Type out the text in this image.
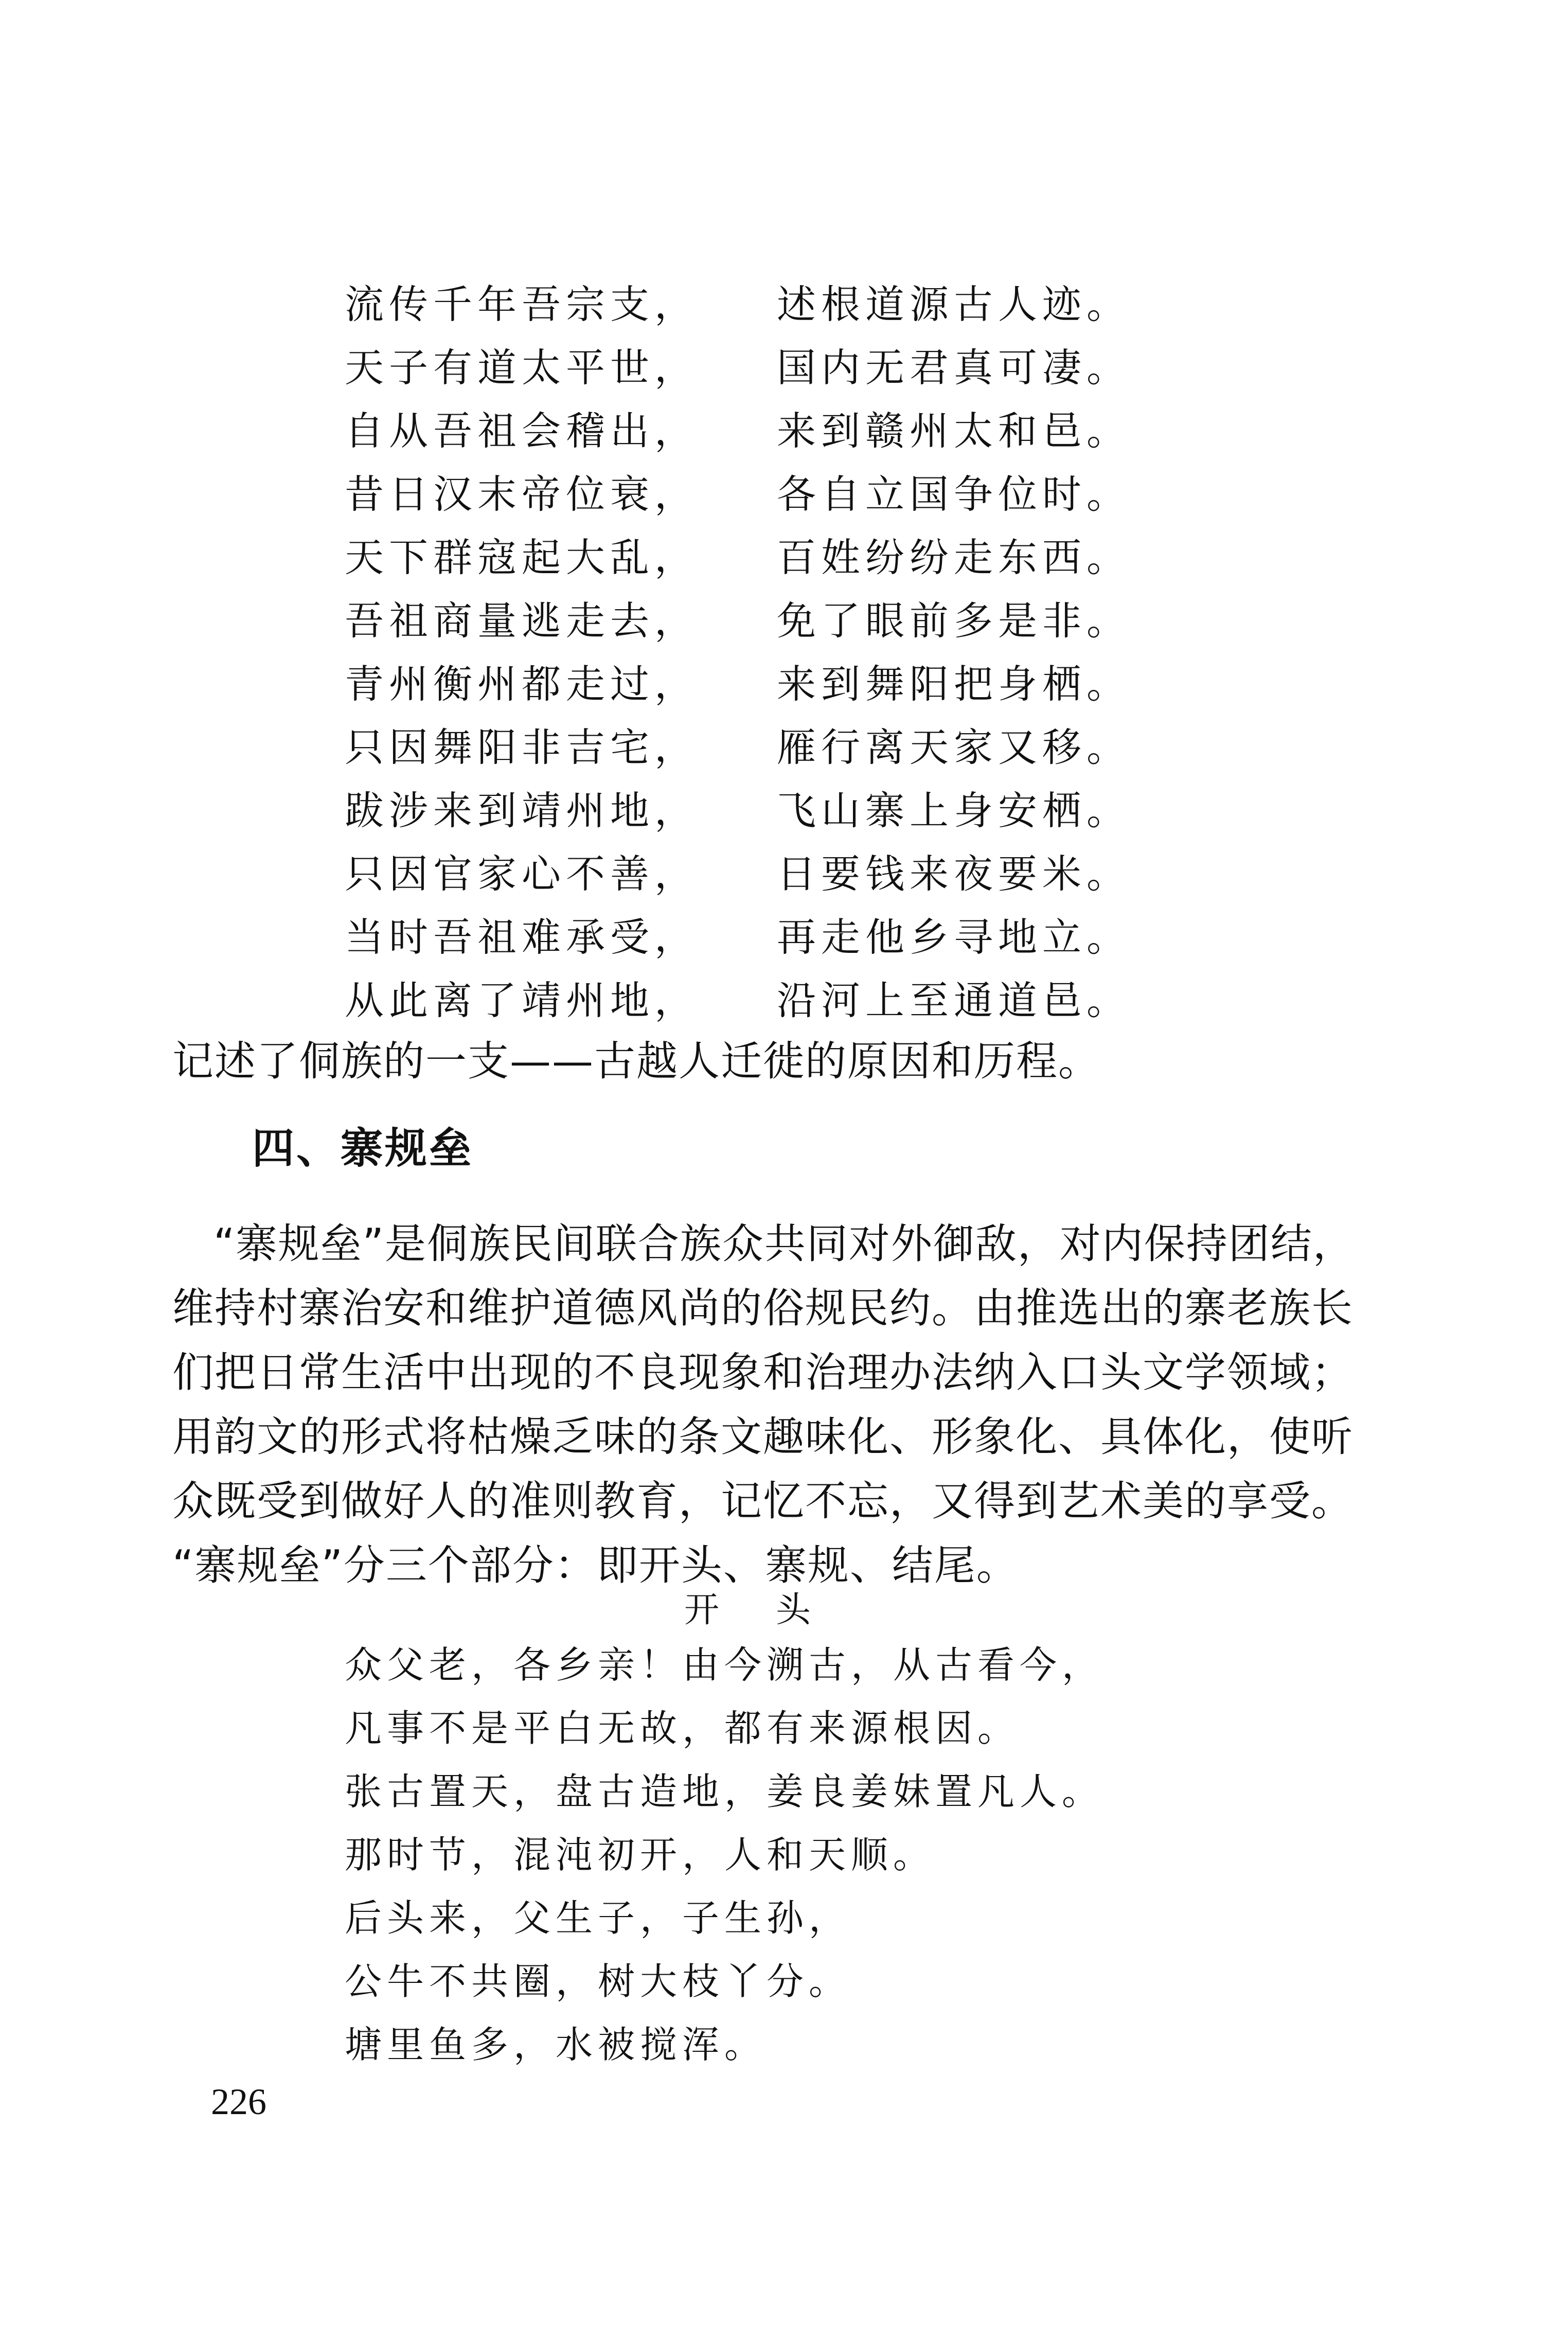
流传千年吾宗支， 述根道源古人迹。
天子有道太平世， 国内无君真可凄。
自从吾祖会稽出， 来到赣州太和邑。
昔日汉末帝位衰， 各自立国争位时。
天下群寇起大乱， 百姓纷纷走东西。
吾祖商量逃走去， 免了眼前多是非。
青州衡州都走过， 来到舞阳把身栖。
只因舞阳非吉宅， 雁行离天家又移。
跋涉来到靖州地， 飞山寨上身安栖。
只因官家心不善， 日要钱来夜要米。
当时吾祖难承受， 再走他乡寻地立。
从此离了靖州地， 沿河上至通道邑。
记述了侗族的一支——古越人迁徙的原因和历程。
四、寨规垒

“寨规垒”是侗族民间联合族众共同对外御敌，对内保持团结，

维持村寨治安和维护道德风尚的俗规民约。由推选出的寨老族长

们把日常生活中出现的不良现象和治理办法纳入口头文学领域；

用韵文的形式将枯燥乏味的条文趣味化、形象化、具体化，使听

众既受到做好人的准则教育，记忆不忘，又得到艺术美的享受。

“寨规垒”分三个部分：即开头、寨规、结尾。

开头
众父老，各乡亲！由今溯古，从古看今，
凡事不是平白无故，都有来源根因。
张古置天，盘古造地，姜良姜妹置凡人。
那时节，混沌初开，人和天顺。
后头来，父生子，子生孙，
公牛不共圈，树大枝丫分。
塘里鱼多，水被搅浑。
226
